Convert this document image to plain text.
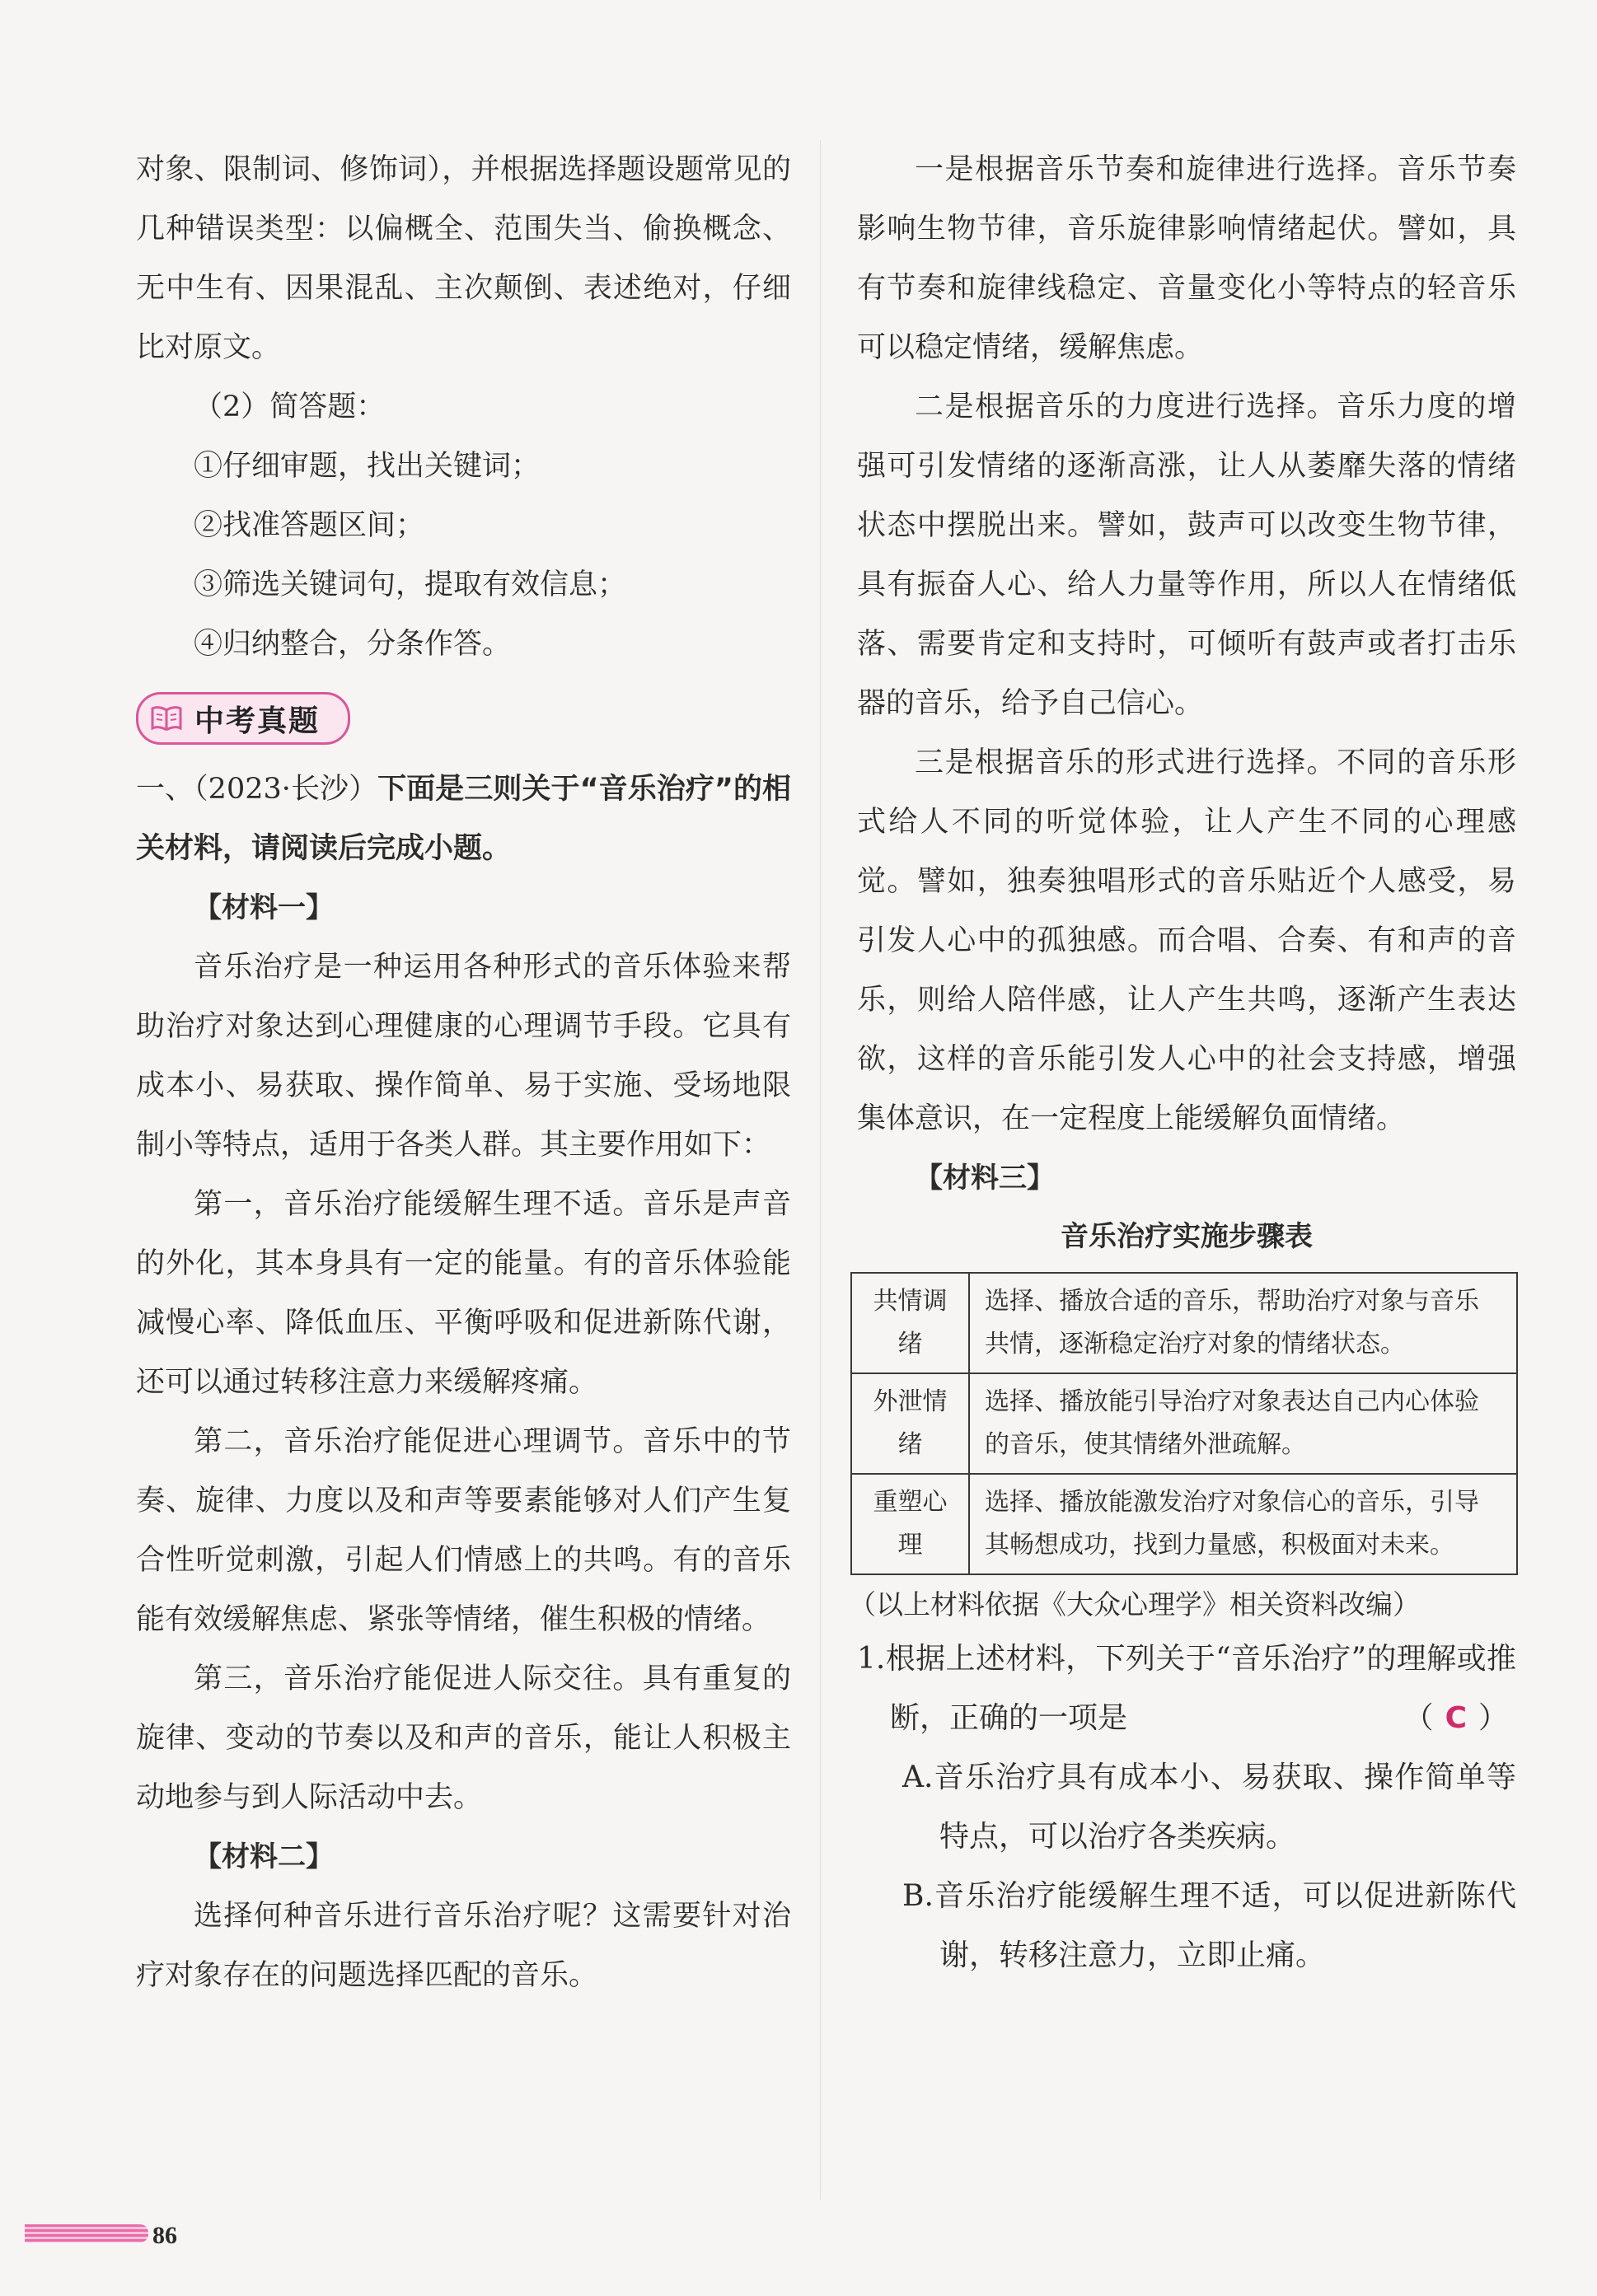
86

对象、限制词、修饰词），并根据选择题设题常见的几种错误类型：以偏概全、范围失当、偷换概念、无中生有、因果混乱、主次颠倒、表述绝对，仔细比对原文。

（2）简答题：

①仔细审题，找出关键词；

②找准答题区间；

③筛选关键词句，提取有效信息；

④归纳整合，分条作答。

中考真题

一、（2023·长沙）下面是三则关于“音乐治疗”的相关材料，请阅读后完成小题。

【材料一】

音乐治疗是一种运用各种形式的音乐体验来帮助治疗对象达到心理健康的心理调节手段。它具有成本小、易获取、操作简单、易于实施、受场地限制小等特点，适用于各类人群。其主要作用如下：

第一，音乐治疗能缓解生理不适。音乐是声音的外化，其本身具有一定的能量。有的音乐体验能减慢心率、降低血压、平衡呼吸和促进新陈代谢，还可以通过转移注意力来缓解疼痛。

第二，音乐治疗能促进心理调节。音乐中的节奏、旋律、力度以及和声等要素能够对人们产生复合性听觉刺激，引起人们情感上的共鸣。有的音乐能有效缓解焦虑、紧张等情绪，催生积极的情绪。

第三，音乐治疗能促进人际交往。具有重复的旋律、变动的节奏以及和声的音乐，能让人积极主动地参与到人际活动中去。

【材料二】

选择何种音乐进行音乐治疗呢？这需要针对治疗对象存在的问题选择匹配的音乐。

一是根据音乐节奏和旋律进行选择。音乐节奏影响生物节律，音乐旋律影响情绪起伏。譬如，具有节奏和旋律线稳定、音量变化小等特点的轻音乐可以稳定情绪，缓解焦虑。

二是根据音乐的力度进行选择。音乐力度的增强可引发情绪的逐渐高涨，让人从萎靡失落的情绪状态中摆脱出来。譬如，鼓声可以改变生物节律，具有振奋人心、给人力量等作用，所以人在情绪低落、需要肯定和支持时，可倾听有鼓声或者打击乐器的音乐，给予自己信心。

三是根据音乐的形式进行选择。不同的音乐形式给人不同的听觉体验，让人产生不同的心理感觉。譬如，独奏独唱形式的音乐贴近个人感受，易引发人心中的孤独感。而合唱、合奏、有和声的音乐，则给人陪伴感，让人产生共鸣，逐渐产生表达欲，这样的音乐能引发人心中的社会支持感，增强集体意识，在一定程度上能缓解负面情绪。

【材料三】
音乐治疗实施步骤表
共情调绪	选择、播放合适的音乐，帮助治疗对象与音乐共情，逐渐稳定治疗对象的情绪状态。
外泄情绪	选择、播放能引导治疗对象表达自己内心体验的音乐，使其情绪外泄疏解。
重塑心理	选择、播放能激发治疗对象信心的音乐，引导其畅想成功，找到力量感，积极面对未来。
（以上材料依据《大众心理学》相关资料改编）

1.根据上述材料，下列关于“音乐治疗”的理解或推断，正确的一项是	（ C ）

A.音乐治疗具有成本小、易获取、操作简单等特点，可以治疗各类疾病。

B.音乐治疗能缓解生理不适，可以促进新陈代谢，转移注意力，立即止痛。
